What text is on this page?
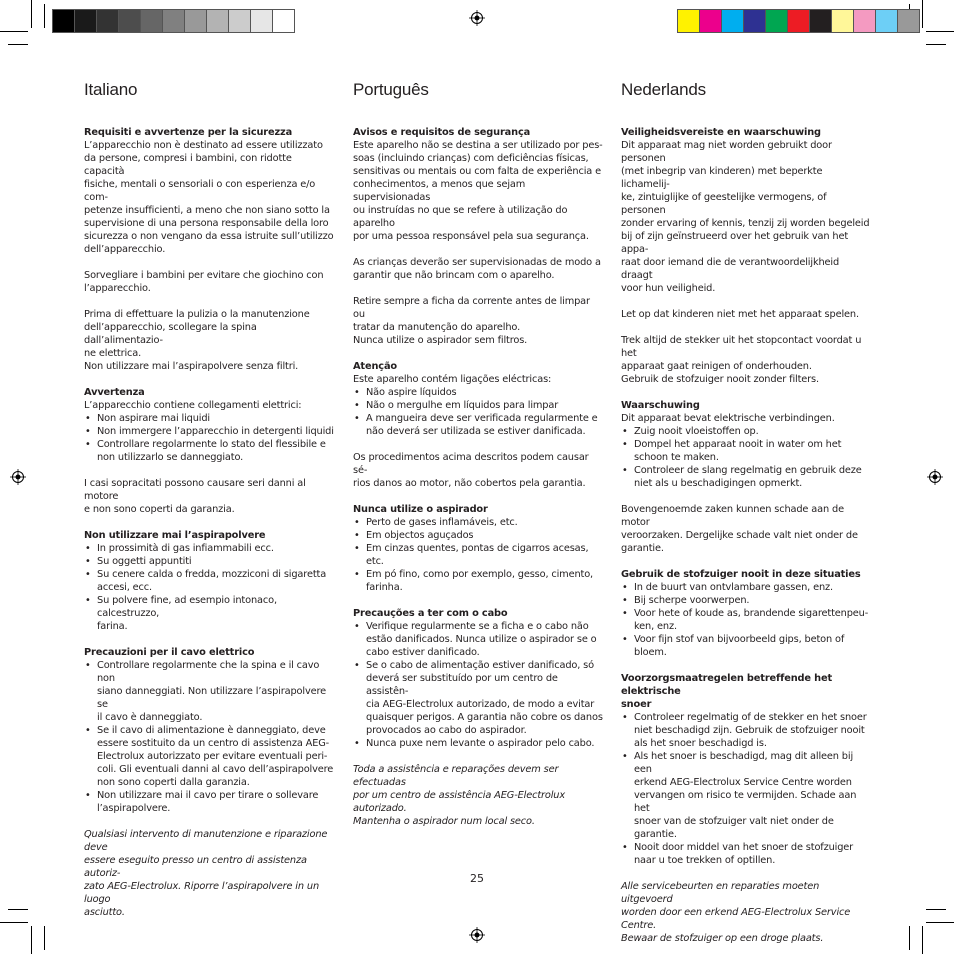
Italiano
Requisiti e avvertenze per la sicurezza

L’apparecchio non è destinato ad essere utilizzato
da persone, compresi i bambini, con ridotte capacità
fisiche, mentali o sensoriali o con esperienza e/o com-
petenze insufficienti, a meno che non siano sotto la
supervisione di una persona responsabile della loro
sicurezza o non vengano da essa istruite sull’utilizzo
dell’apparecchio.

Sorvegliare i bambini per evitare che giochino con
l’apparecchio.

Prima di effettuare la pulizia o la manutenzione
dell’apparecchio, scollegare la spina dall’alimentazio-
ne elettrica.
Non utilizzare mai l’aspirapolvere senza filtri.

Avvertenza

L’apparecchio contiene collegamenti elettrici:

• Non aspirare mai liquidi
• Non immergere l’apparecchio in detergenti liquidi
• Controllare regolarmente lo stato del flessibile e
non utilizzarlo se danneggiato.

I casi sopracitati possono causare seri danni al motore
e non sono coperti da garanzia.

Non utilizzare mai l’aspirapolvere
• In prossimità di gas infiammabili ecc.
• Su oggetti appuntiti
• Su cenere calda o fredda, mozziconi di sigaretta
accesi, ecc.
• Su polvere fine, ad esempio intonaco, calcestruzzo,
farina.
Precauzioni per il cavo elettrico
• Controllare regolarmente che la spina e il cavo non
siano danneggiati. Non utilizzare l’aspirapolvere se
il cavo è danneggiato.
• Se il cavo di alimentazione è danneggiato, deve
essere sostituito da un centro di assistenza AEG-
Electrolux autorizzato per evitare eventuali peri-
coli. Gli eventuali danni al cavo dell’aspirapolvere
non sono coperti dalla garanzia.
• Non utilizzare mai il cavo per tirare o sollevare
l’aspirapolvere.

Qualsiasi intervento di manutenzione e riparazione deve
essere eseguito presso un centro di assistenza autoriz-
zato AEG-Electrolux. Riporre l’aspirapolvere in un luogo
asciutto.

Português
Avisos e requisitos de segurança

Este aparelho não se destina a ser utilizado por pes-
soas (incluindo crianças) com deficiências físicas,
sensitivas ou mentais ou com falta de experiência e
conhecimentos, a menos que sejam supervisionadas
ou instruídas no que se refere à utilização do aparelho
por uma pessoa responsável pela sua segurança.

As crianças deverão ser supervisionadas de modo a
garantir que não brincam com o aparelho.

Retire sempre a ficha da corrente antes de limpar ou
tratar da manutenção do aparelho.
Nunca utilize o aspirador sem filtros.

Atenção

Este aparelho contém ligações eléctricas:

• Não aspire líquidos
• Não o mergulhe em líquidos para limpar
• A mangueira deve ser verificada regularmente e
não deverá ser utilizada se estiver danificada.

Os procedimentos acima descritos podem causar sé-
rios danos ao motor, não cobertos pela garantia.

Nunca utilize o aspirador
• Perto de gases inflamáveis, etc.
• Em objectos aguçados
• Em cinzas quentes, pontas de cigarros acesas, etc.
• Em pó fino, como por exemplo, gesso, cimento,
farinha.
Precauções a ter com o cabo
• Verifique regularmente se a ficha e o cabo não
estão danificados. Nunca utilize o aspirador se o
cabo estiver danificado.
• Se o cabo de alimentação estiver danificado, só
deverá ser substituído por um centro de assistên-
cia AEG-Electrolux autorizado, de modo a evitar
quaisquer perigos. A garantia não cobre os danos
provocados ao cabo do aspirador.
• Nunca puxe nem levante o aspirador pelo cabo.

Toda a assistência e reparações devem ser efectuadas
por um centro de assistência AEG-Electrolux autorizado.
Mantenha o aspirador num local seco.

Nederlands
Veiligheidsvereiste en waarschuwing

Dit apparaat mag niet worden gebruikt door personen
(met inbegrip van kinderen) met beperkte lichamelij-
ke, zintuiglijke of geestelijke vermogens, of personen
zonder ervaring of kennis, tenzij zij worden begeleid
bij of zijn geïnstrueerd over het gebruik van het appa-
raat door iemand die de verantwoordelijkheid draagt
voor hun veiligheid.

Let op dat kinderen niet met het apparaat spelen.

Trek altijd de stekker uit het stopcontact voordat u het
apparaat gaat reinigen of onderhouden.
Gebruik de stofzuiger nooit zonder filters.

Waarschuwing

Dit apparaat bevat elektrische verbindingen.

• Zuig nooit vloeistoffen op.
• Dompel het apparaat nooit in water om het
schoon te maken.
• Controleer de slang regelmatig en gebruik deze
niet als u beschadigingen opmerkt.

Bovengenoemde zaken kunnen schade aan de motor
veroorzaken. Dergelijke schade valt niet onder de
garantie.

Gebruik de stofzuiger nooit in deze situaties
• In de buurt van ontvlambare gassen, enz.
• Bij scherpe voorwerpen.
• Voor hete of koude as, brandende sigarettenpeu-
ken, enz.
• Voor fijn stof van bijvoorbeeld gips, beton of
bloem.
Voorzorgsmaatregelen betreffende het elektrische
snoer
• Controleer regelmatig of de stekker en het snoer
niet beschadigd zijn. Gebruik de stofzuiger nooit
als het snoer beschadigd is.
• Als het snoer is beschadigd, mag dit alleen bij een
erkend AEG-Electrolux Service Centre worden
vervangen om risico te vermijden. Schade aan het
snoer van de stofzuiger valt niet onder de garantie.
• Nooit door middel van het snoer de stofzuiger
naar u toe trekken of optillen.

Alle servicebeurten en reparaties moeten uitgevoerd
worden door een erkend AEG-Electrolux Service Centre.
Bewaar de stofzuiger op een droge plaats.

25
